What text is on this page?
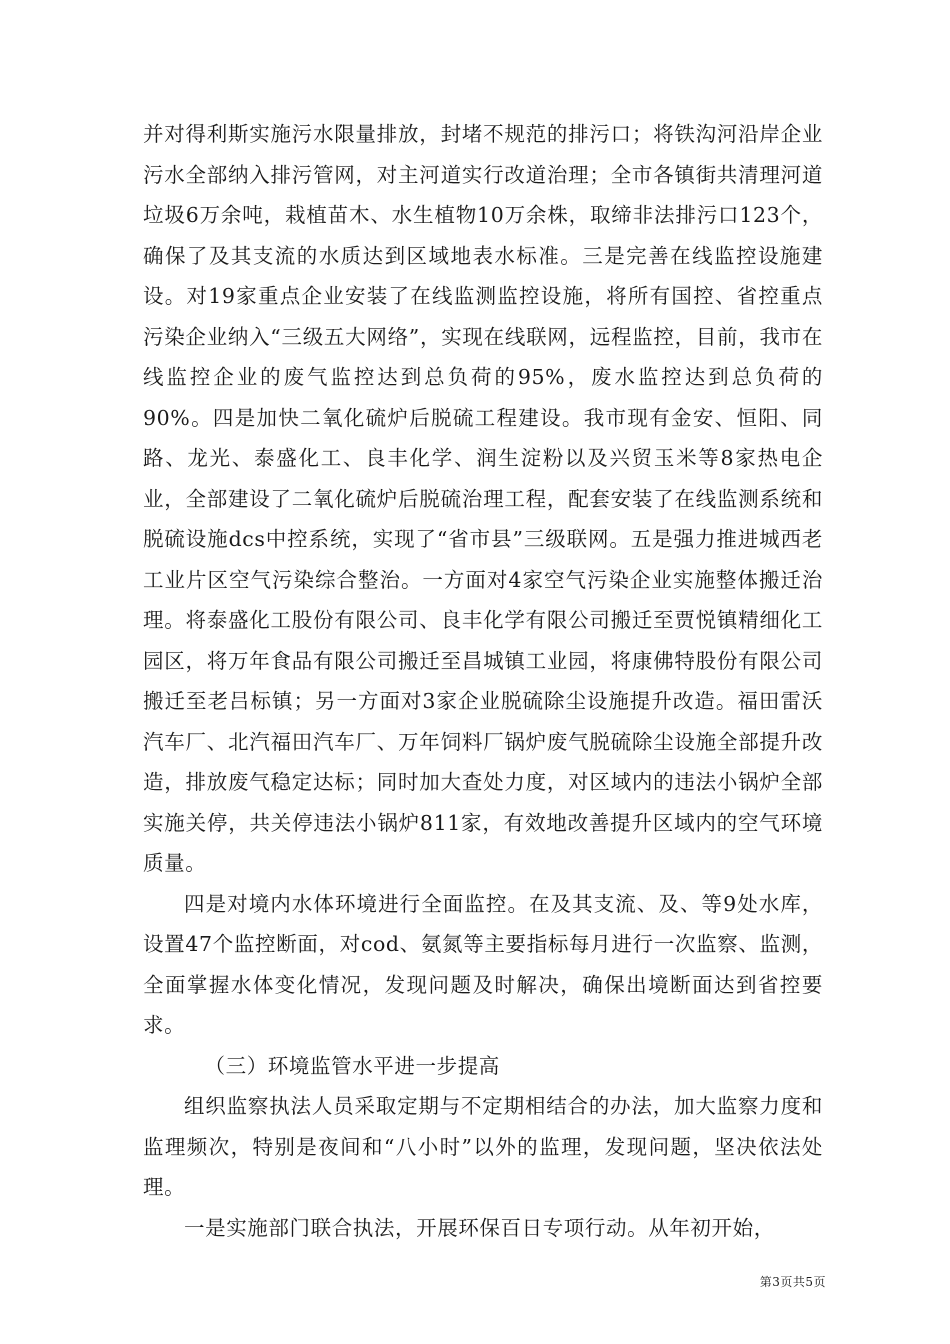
并对得利斯实施污水限量排放，封堵不规范的排污口；将铁沟河沿岸企业污水全部纳入排污管网，对主河道实行改道治理；全市各镇街共清理河道垃圾6万余吨，栽植苗木、水生植物10万余株，取缔非法排污口123个，确保了及其支流的水质达到区域地表水标准。三是完善在线监控设施建设。对19家重点企业安装了在线监测监控设施，将所有国控、省控重点污染企业纳入“三级五大网络”，实现在线联网，远程监控，目前，我市在线监控企业的废气监控达到总负荷的95%，废水监控达到总负荷的90%。四是加快二氧化硫炉后脱硫工程建设。我市现有金安、恒阳、同路、龙光、泰盛化工、良丰化学、润生淀粉以及兴贸玉米等8家热电企业，全部建设了二氧化硫炉后脱硫治理工程，配套安装了在线监测系统和脱硫设施dcs中控系统，实现了“省市县”三级联网。五是强力推进城西老工业片区空气污染综合整治。一方面对4家空气污染企业实施整体搬迁治理。将泰盛化工股份有限公司、良丰化学有限公司搬迁至贾悦镇精细化工园区，将万年食品有限公司搬迁至昌城镇工业园，将康佛特股份有限公司搬迁至老吕标镇；另一方面对3家企业脱硫除尘设施提升改造。福田雷沃汽车厂、北汽福田汽车厂、万年饲料厂锅炉废气脱硫除尘设施全部提升改造，排放废气稳定达标；同时加大查处力度，对区域内的违法小锅炉全部实施关停，共关停违法小锅炉811家，有效地改善提升区域内的空气环境质量。

四是对境内水体环境进行全面监控。在及其支流、及、等9处水库，设置47个监控断面，对cod、氨氮等主要指标每月进行一次监察、监测，全面掌握水体变化情况，发现问题及时解决，确保出境断面达到省控要求。

（三）环境监管水平进一步提高

组织监察执法人员采取定期与不定期相结合的办法，加大监察力度和监理频次，特别是夜间和“八小时”以外的监理，发现问题，坚决依法处理。

一是实施部门联合执法，开展环保百日专项行动。从年初开始，

第3页共5页
